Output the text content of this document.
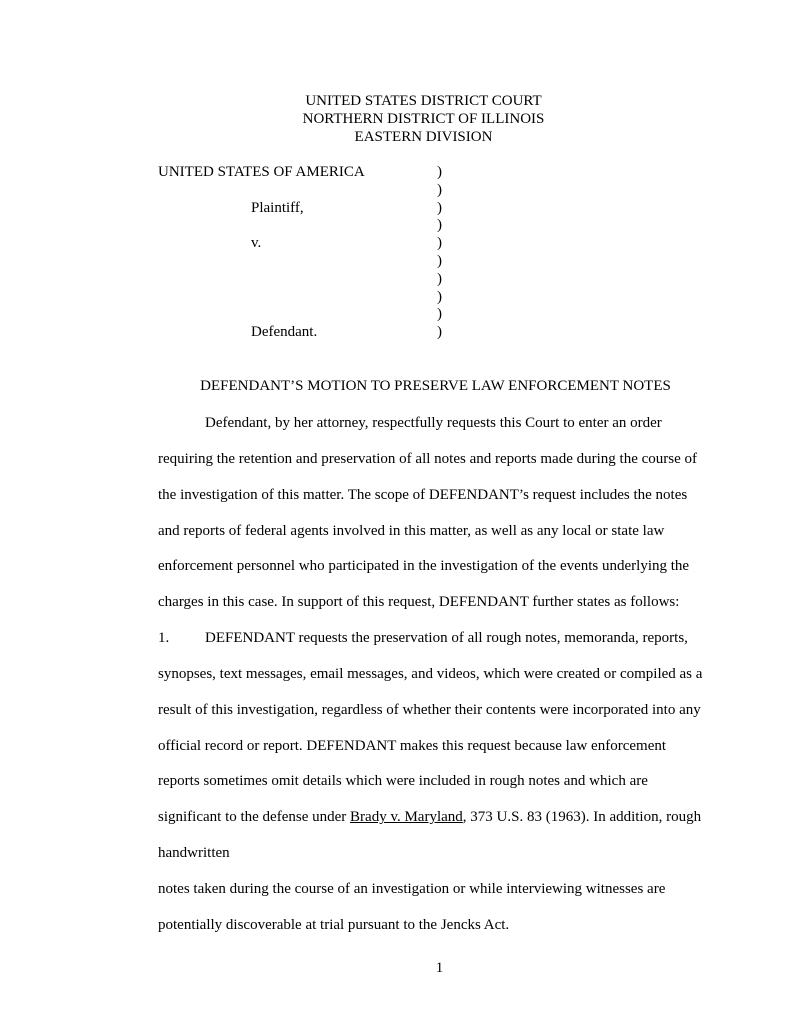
UNITED STATES DISTRICT COURT
NORTHERN DISTRICT OF ILLINOIS
EASTERN DIVISION
UNITED STATES OF AMERICA	)
)
Plaintiff,	)
)
v.	)
)
)
)
)
Defendant.	)
DEFENDANT’S MOTION TO PRESERVE LAW ENFORCEMENT NOTES
Defendant, by her attorney, respectfully requests this Court to enter an order
requiring the retention and preservation of all notes and reports made during the course of
the investigation of this matter. The scope of DEFENDANT’s request includes the notes
and reports of federal agents involved in this matter, as well as any local or state law
enforcement personnel who participated in the investigation of the events underlying the
charges in this case. In support of this request, DEFENDANT further states as follows:
1. DEFENDANT requests the preservation of all rough notes, memoranda, reports,
synopses, text messages, email messages, and videos, which were created or compiled as a
result of this investigation, regardless of whether their contents were incorporated into any
official record or report. DEFENDANT makes this request because law enforcement
reports sometimes omit details which were included in rough notes and which are
significant to the defense under Brady v. Maryland, 373 U.S. 83 (1963). In addition, rough
handwritten
notes taken during the course of an investigation or while interviewing witnesses are
potentially discoverable at trial pursuant to the Jencks Act.
1
